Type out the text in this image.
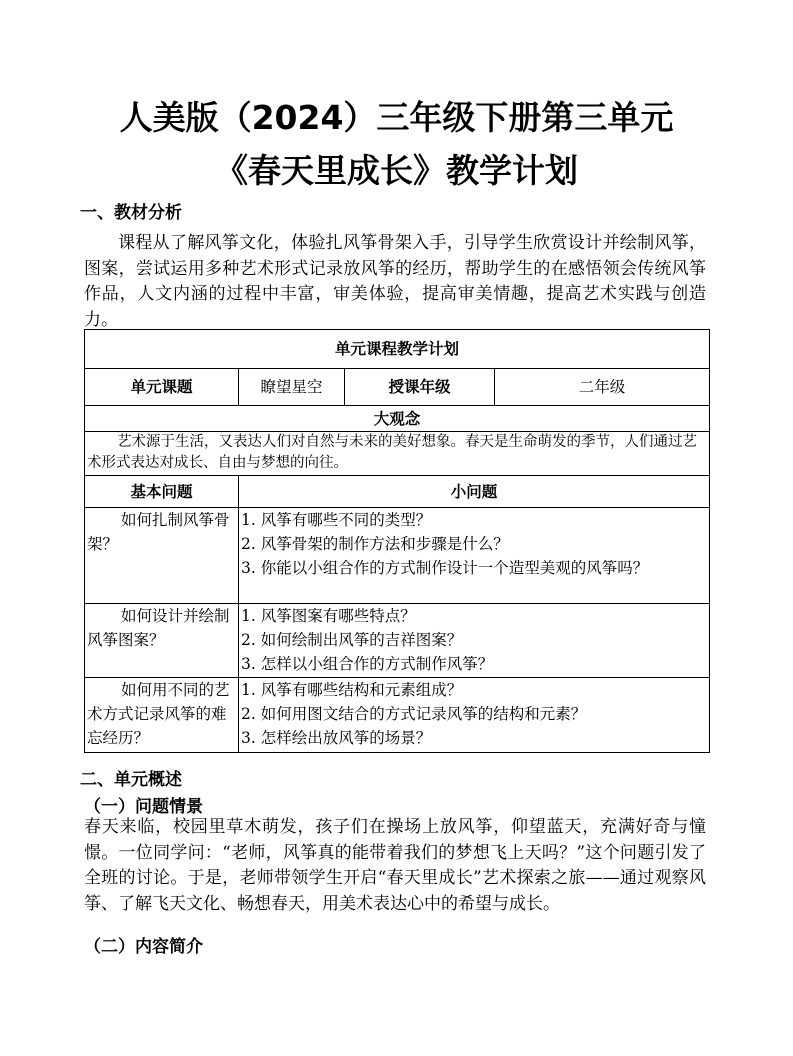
人美版（2024）三年级下册第三单元
《春天里成长》教学计划
一、教材分析
课程从了解风筝文化，体验扎风筝骨架入手，引导学生欣赏设计并绘制风筝，图案，尝试运用多种艺术形式记录放风筝的经历，帮助学生的在感悟领会传统风筝作品，人文内涵的过程中丰富，审美体验，提高审美情趣，提高艺术实践与创造力。
单元课程教学计划			
单元课题	瞭望星空	授课年级	二年级
大观念			
艺术源于生活，又表达人们对自然与未来的美好想象。春天是生命萌发的季节，人们通过艺术形式表达对成长、自由与梦想的向往。			
基本问题	小问题		
如何扎制风筝骨架？	1. 风筝有哪些不同的类型？
2. 风筝骨架的制作方法和步骤是什么？
3. 你能以小组合作的方式制作设计一个造型美观的风筝吗？		

如何设计并绘制风筝图案？	1. 风筝图案有哪些特点？
2. 如何绘制出风筝的吉祥图案？
3. 怎样以小组合作的方式制作风筝？		

如何用不同的艺术方式记录风筝的难忘经历？	1. 风筝有哪些结构和元素组成？
2. 如何用图文结合的方式记录风筝的结构和元素？
3. 怎样绘出放风筝的场景？		
二、单元概述
（一）问题情景
春天来临，校园里草木萌发，孩子们在操场上放风筝，仰望蓝天，充满好奇与憧憬。一位同学问：“老师，风筝真的能带着我们的梦想飞上天吗？”这个问题引发了全班的讨论。于是，老师带领学生开启“春天里成长”艺术探索之旅——通过观察风筝、了解飞天文化、畅想春天，用美术表达心中的希望与成长。
（二）内容简介
